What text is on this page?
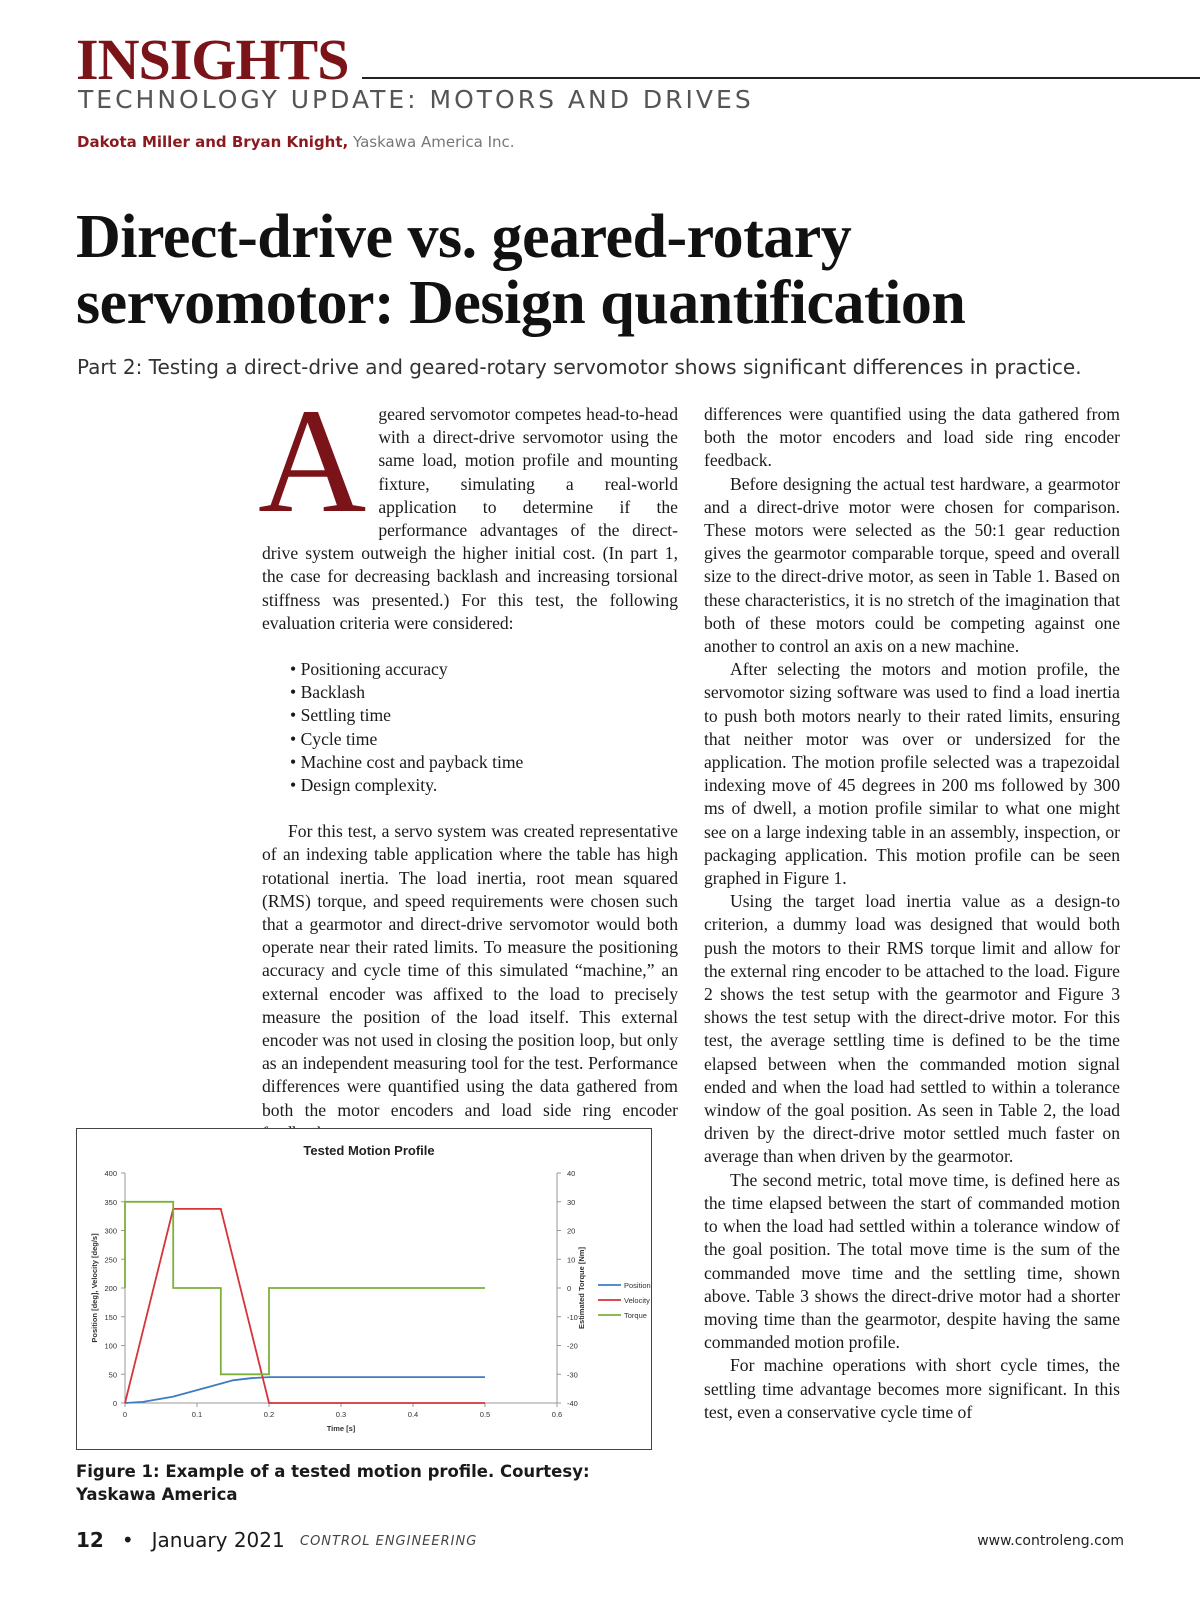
INSIGHTS
TECHNOLOGY UPDATE: MOTORS AND DRIVES
Dakota Miller and Bryan Knight, Yaskawa America Inc.
Direct-drive vs. geared-rotary
servomotor: Design quantification
Part 2: Testing a direct-drive and geared-rotary servomotor shows significant differences in practice.

Ageared servomotor competes head-to-head with a direct-drive servomotor using the same load, motion profile and mounting fixture, simulating a real-world application to determine if the performance advantages of the direct-drive system outweigh the higher initial cost. (In part 1, the case for decreasing backlash and increasing torsional stiffness was presented.) For this test, the following evaluation criteria were considered:

• Positioning accuracy
• Backlash
• Settling time
• Cycle time
• Machine cost and payback time
• Design complexity.

For this test, a servo system was created representative of an indexing table application where the table has high rotational inertia. The load inertia, root mean squared (RMS) torque, and speed requirements were chosen such that a gearmotor and direct-drive servomotor would both operate near their rated limits. To measure the positioning accuracy and cycle time of this simulated “machine,” an external encoder was affixed to the load to precisely measure the position of the load itself. This external encoder was not used in closing the position loop, but only as an independent measuring tool for the test. Performance differences were quantified using the data gathered from both the motor encoders and load side ring encoder

differences were quantified using the data gathered from both the motor encoders and load side ring encoder feedback.

Before designing the actual test hardware, a gearmotor and a direct-drive motor were chosen for comparison. These motors were selected as the 50:1 gear reduction gives the gearmotor comparable torque, speed and overall size to the direct-drive motor, as seen in Table 1. Based on these characteristics, it is no stretch of the imagination that both of these motors could be competing against one another to control an axis on a new machine.

After selecting the motors and motion profile, the servomotor sizing software was used to find a load inertia to push both motors nearly to their rated limits, ensuring that neither motor was over or undersized for the application. The motion profile selected was a trapezoidal indexing move of 45 degrees in 200 ms followed by 300 ms of dwell, a motion profile similar to what one might see on a large indexing table in an assembly, inspection, or packaging application. This motion profile can be seen graphed in Figure 1.

Using the target load inertia value as a design-to criterion, a dummy load was designed that would both push the motors to their RMS torque limit and allow for the external ring encoder to be attached to the load. Figure 2 shows the test setup with the gearmotor and Figure 3 shows the test setup with the direct-drive motor. For this test, the average settling time is defined to be the time elapsed between when the commanded motion signal ended and when the load had settled to within a tolerance window of the goal position. As seen in Table 2, the load driven by the direct-drive motor settled much faster on average than when driven by the gearmotor.

The second metric, total move time, is defined here as the time elapsed between the start of commanded motion to when the load had settled within a tolerance window of the goal position. The total move time is the sum of the commanded move time and the settling time, shown above. Table 3 shows the direct-drive motor had a shorter moving time than the gearmotor, despite having the same commanded motion profile.

For machine operations with short cycle times, the settling time advantage becomes more significant. In this test, even a conservative cycle time of

Tested Motion Profile
0
50
100
150
200
250
300
350
400
-40
-30
-20
-10
0
10
20
30
40
0	0.1	0.2	0.3	0.4	0.5	0.6
Time [s]
Position [deg], Velocity [deg/s]	Estimated Torque [Nm]	Position
Velocity
Torque
Figure 1: Example of a tested motion profile. Courtesy: Yaskawa America
12 • January 2021 CONTROL ENGINEERING	www.controleng.com
